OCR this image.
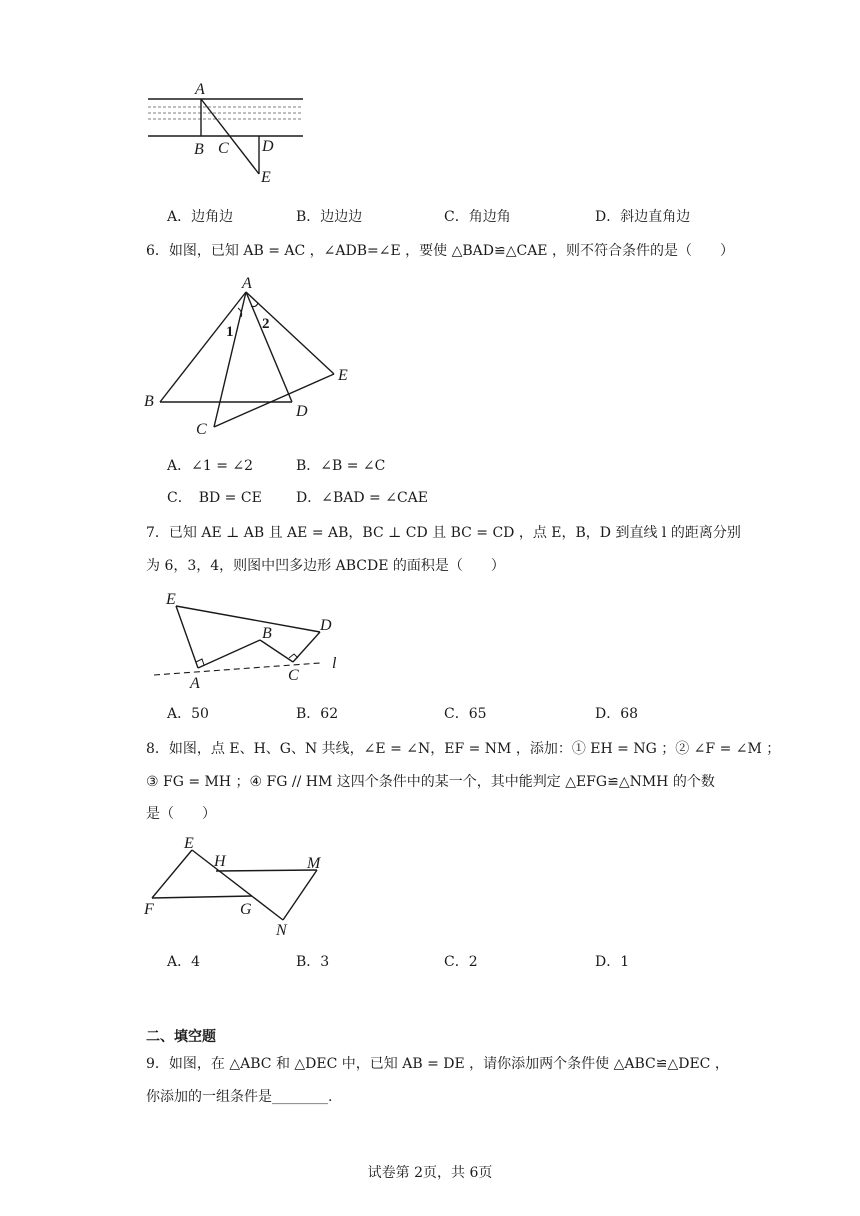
A
B C D
E
A．边角边	B．边边边	C．角边角	D．斜边直角边
6．如图，已知 AB = AC ，∠ADB=∠E ，要使 △BAD≌△CAE ，则不符合条件的是（　　）
A
B
C
D
E
1 2
A．∠1 = ∠2	B．∠B = ∠C
C．　BD = CE D．∠BAD = ∠CAE
7．已知 AE ⊥ AB 且 AE = AB，BC ⊥ CD 且 BC = CD ，点 E，B，D 到直线 l 的距离分别
为 6，3，4，则图中凹多边形 ABCDE 的面积是（　　）
E
B	D
A	C
l
A．50	B．62	C．65	D．68
8．如图，点 E、H、G、N 共线，∠E = ∠N，EF = NM ，添加：① EH = NG ；② ∠F = ∠M ；
③ FG = MH ；④ FG // HM 这四个条件中的某一个，其中能判定 △EFG≌△NMH 的个数
是（　　）
E
H	M
F	G
N
A．4	B．3	C．2	D．1
二、填空题
9．如图，在 △ABC 和 △DEC 中，已知 AB = DE ，请你添加两个条件使 △ABC≌△DEC ，
你添加的一组条件是________.
试卷第 2页，共 6页
